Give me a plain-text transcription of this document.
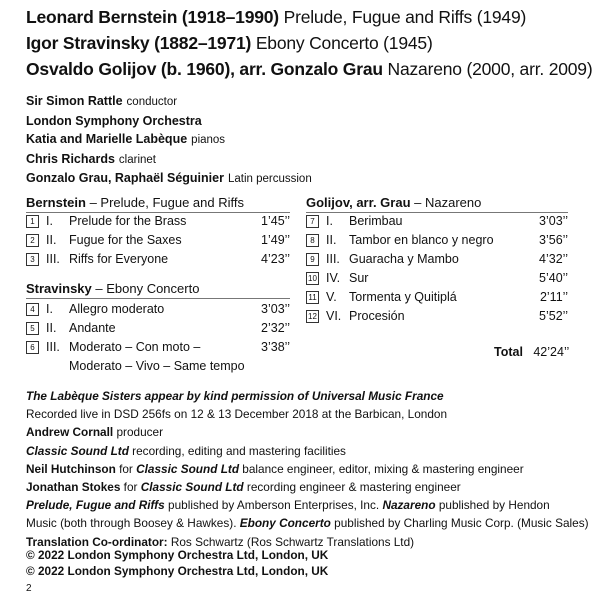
Leonard Bernstein (1918–1990) Prelude, Fugue and Riffs (1949)
Igor Stravinsky (1882–1971) Ebony Concerto (1945)
Osvaldo Golijov (b. 1960), arr. Gonzalo Grau Nazareno (2000, arr. 2009)
Sir Simon Rattle conductor
London Symphony Orchestra
Katia and Marielle Labèque pianos
Chris Richards clarinet
Gonzalo Grau, Raphaël Séguinier Latin percussion
Bernstein – Prelude, Fugue and Riffs
1 I. Prelude for the Brass	1’45’’
2 II. Fugue for the Saxes	1’49’’
3 III. Riffs for Everyone	4’23’’
Stravinsky – Ebony Concerto
4 I. Allegro moderato	3’03’’
5 II. Andante	2’32’’
6 III. Moderato – Con moto –
Moderato – Vivo – Same tempo
3’38’’
Golijov, arr. Grau – Nazareno
7 I. Berimbau	3’03’’
8 II. Tambor en blanco y negro	3’56’’
9 III. Guaracha y Mambo	4’32’’
10 IV. Sur	5’40’’
11 V. Tormenta y Quitiplá	2’11’’
12 VI. Procesión	5’52’’
Total 42’24’’
The Labèque Sisters appear by kind permission of Universal Music France
Recorded live in DSD 256fs on 12 & 13 December 2018 at the Barbican, London
Andrew Cornall producer
Classic Sound Ltd recording, editing and mastering facilities
Neil Hutchinson for Classic Sound Ltd balance engineer, editor, mixing & mastering engineer
Jonathan Stokes for Classic Sound Ltd recording engineer & mastering engineer
Prelude, Fugue and Riffs published by Amberson Enterprises, Inc. Nazareno published by Hendon
Music (both through Boosey & Hawkes). Ebony Concerto published by Charling Music Corp. (Music Sales)
Translation Co-ordinator: Ros Schwartz (Ros Schwartz Translations Ltd)
© 2022 London Symphony Orchestra Ltd, London, UK
© 2022 London Symphony Orchestra Ltd, London, UK
2
